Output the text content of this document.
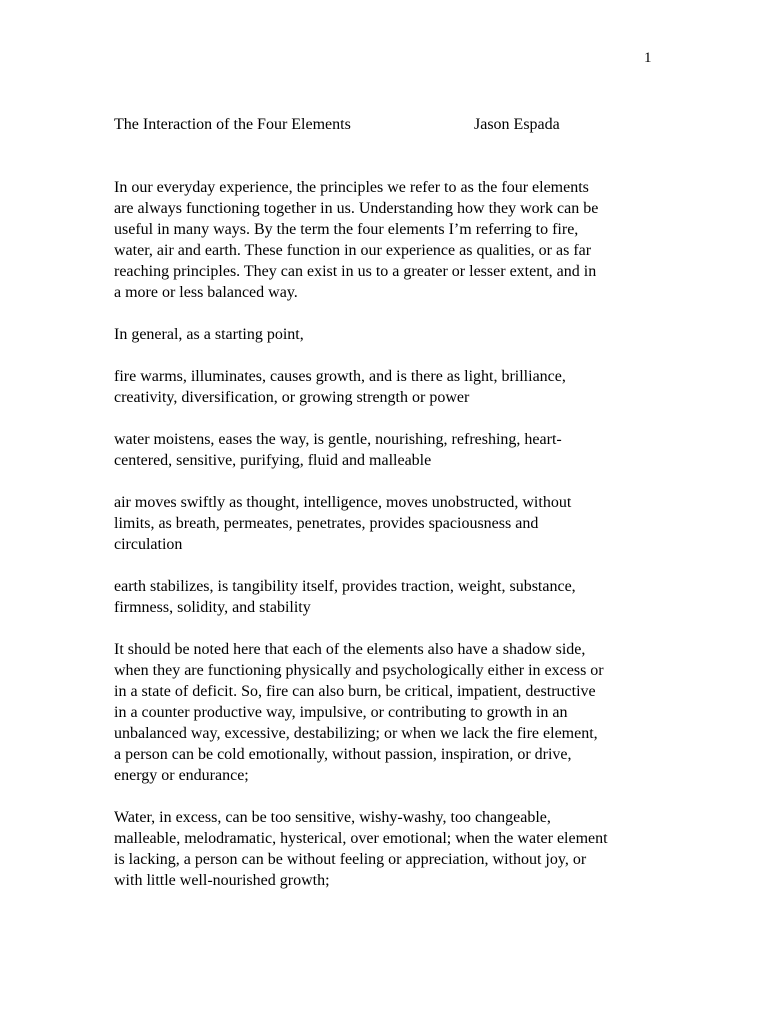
1
The Interaction of the Four Elements	Jason Espada

In our everyday experience, the principles we refer to as the four elements
are always functioning together in us. Understanding how they work can be
useful in many ways. By the term the four elements I’m referring to fire,
water, air and earth. These function in our experience as qualities, or as far
reaching principles. They can exist in us to a greater or lesser extent, and in
a more or less balanced way.

In general, as a starting point,

fire warms, illuminates, causes growth, and is there as light, brilliance,
creativity, diversification, or growing strength or power

water moistens, eases the way, is gentle, nourishing, refreshing, heart-
centered, sensitive, purifying, fluid and malleable

air moves swiftly as thought, intelligence, moves unobstructed, without
limits, as breath, permeates, penetrates, provides spaciousness and
circulation

earth stabilizes, is tangibility itself, provides traction, weight, substance,
firmness, solidity, and stability

It should be noted here that each of the elements also have a shadow side,
when they are functioning physically and psychologically either in excess or
in a state of deficit. So, fire can also burn, be critical, impatient, destructive
in a counter productive way, impulsive, or contributing to growth in an
unbalanced way, excessive, destabilizing; or when we lack the fire element,
a person can be cold emotionally, without passion, inspiration, or drive,
energy or endurance;

Water, in excess, can be too sensitive, wishy-washy, too changeable,
malleable, melodramatic, hysterical, over emotional; when the water element
is lacking, a person can be without feeling or appreciation, without joy, or
with little well-nourished growth;
